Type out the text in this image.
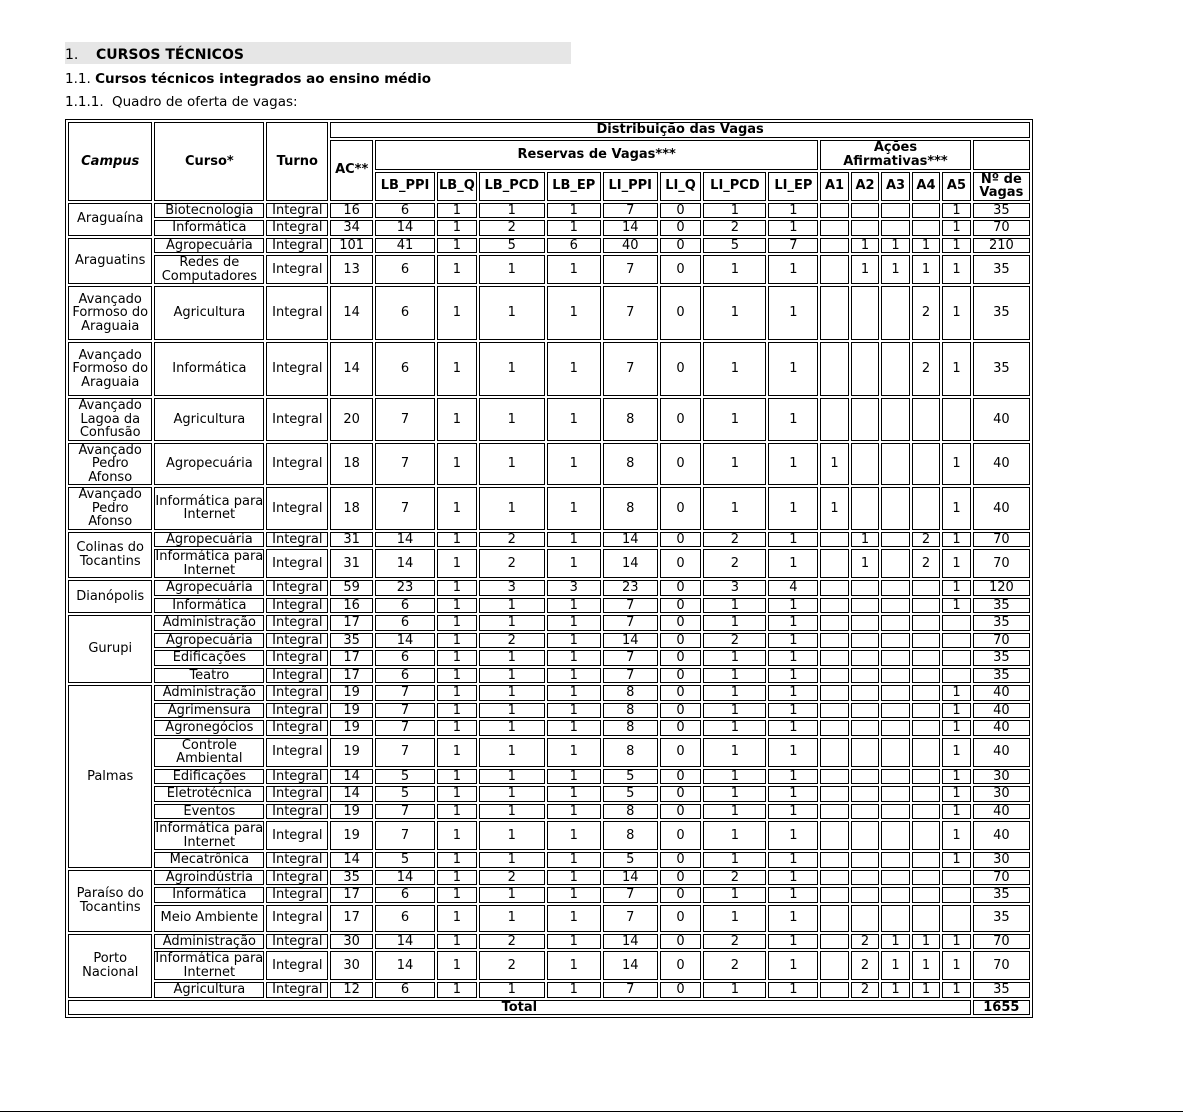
1. CURSOS TÉCNICOS
1.1. Cursos técnicos integrados ao ensino médio
1.1.1. Quadro de oferta de vagas:
Campus	Curso*	Turno	Distribuição das Vagas														
			AC**	Reservas de Vagas***								Ações Afirmativas***					
				LB_PPI	LB_Q	LB_PCD	LB_EP	LI_PPI	LI_Q	LI_PCD	LI_EP	A1	A2	A3	A4	A5	Nº de Vagas
Araguaína	Biotecnologia	Integral	16	6	1	1	1	7	0	1	1					1	35
	Informática	Integral	34	14	1	2	1	14	0	2	1					1	70
Araguatins	Agropecuária	Integral	101	41	1	5	6	40	0	5	7		1	1	1	1	210
	Redes de Computadores	Integral	13	6	1	1	1	7	0	1	1		1	1	1	1	35
Avançado Formoso do Araguaia	Agricultura	Integral	14	6	1	1	1	7	0	1	1				2	1	35
Avançado Formoso do Araguaia	Informática	Integral	14	6	1	1	1	7	0	1	1				2	1	35
Avançado Lagoa da Confusão	Agricultura	Integral	20	7	1	1	1	8	0	1	1						40
Avançado Pedro Afonso	Agropecuária	Integral	18	7	1	1	1	8	0	1	1	1				1	40
Avançado Pedro Afonso	Informática para Internet	Integral	18	7	1	1	1	8	0	1	1	1				1	40
Colinas do Tocantins	Agropecuária	Integral	31	14	1	2	1	14	0	2	1		1		2	1	70
	Informática para Internet	Integral	31	14	1	2	1	14	0	2	1		1		2	1	70
Dianópolis	Agropecuária	Integral	59	23	1	3	3	23	0	3	4					1	120
	Informática	Integral	16	6	1	1	1	7	0	1	1					1	35
Gurupi	Administração	Integral	17	6	1	1	1	7	0	1	1						35
	Agropecuária	Integral	35	14	1	2	1	14	0	2	1						70
	Edificações	Integral	17	6	1	1	1	7	0	1	1						35
	Teatro	Integral	17	6	1	1	1	7	0	1	1						35
Palmas	Administração	Integral	19	7	1	1	1	8	0	1	1					1	40
	Agrimensura	Integral	19	7	1	1	1	8	0	1	1					1	40
	Agronegócios	Integral	19	7	1	1	1	8	0	1	1					1	40
	Controle Ambiental	Integral	19	7	1	1	1	8	0	1	1					1	40
	Edificações	Integral	14	5	1	1	1	5	0	1	1					1	30
	Eletrotécnica	Integral	14	5	1	1	1	5	0	1	1					1	30
	Eventos	Integral	19	7	1	1	1	8	0	1	1					1	40
	Informática para Internet	Integral	19	7	1	1	1	8	0	1	1					1	40
	Mecatrônica	Integral	14	5	1	1	1	5	0	1	1					1	30
Paraíso do Tocantins	Agroindústria	Integral	35	14	1	2	1	14	0	2	1						70
	Informática	Integral	17	6	1	1	1	7	0	1	1						35
	Meio Ambiente	Integral	17	6	1	1	1	7	0	1	1						35
Porto Nacional	Administração	Integral	30	14	1	2	1	14	0	2	1		2	1	1	1	70
	Informática para Internet	Integral	30	14	1	2	1	14	0	2	1		2	1	1	1	70
	Agricultura	Integral	12	6	1	1	1	7	0	1	1		2	1	1	1	35
Total																	1655
